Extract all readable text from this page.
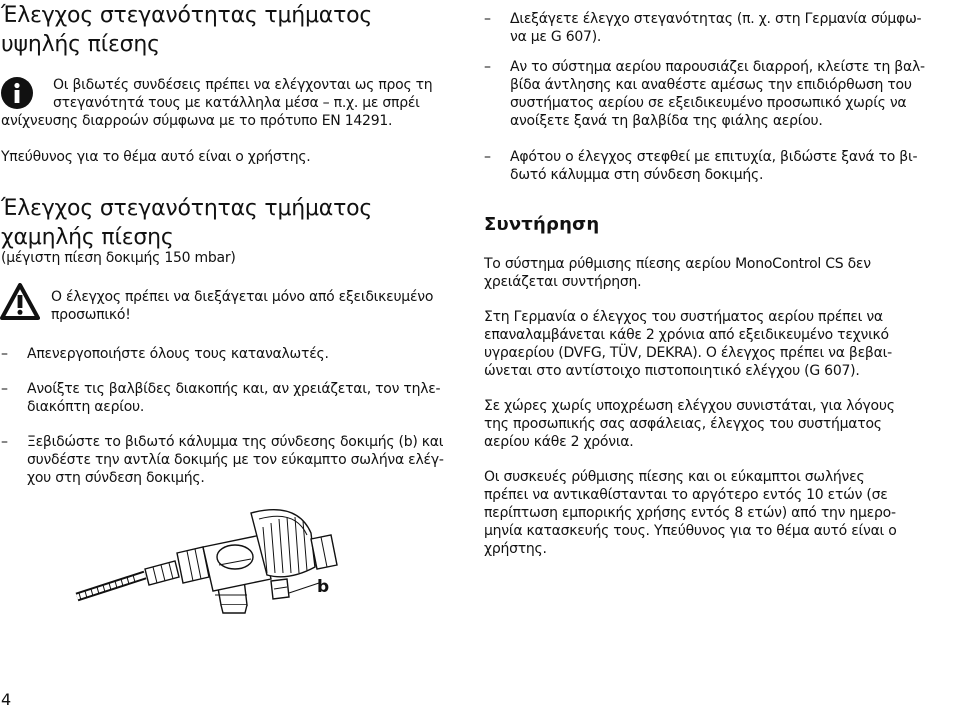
Έλεγχος στεγανότητας τμήματος
υψηλής πίεσης

Οι βιδωτές συνδέσεις πρέπει να ελέγχονται ως προς τη

στεγανότητά τους με κατάλληλα μέσα – π.χ. με σπρέι

ανίχνευσης διαρροών σύμφωνα με το πρότυπο EN 14291.

Υπεύθυνος για το θέμα αυτό είναι ο χρήστης.

Έλεγχος στεγανότητας τμήματος
χαμηλής πίεσης

(μέγιστη πίεση δοκιμής 150 mbar)

Ο έλεγχος πρέπει να διεξάγεται μόνο από εξειδικευμένο

προσωπικό!

– Απενεργοποιήστε όλους τους καταναλωτές.
– Ανοίξτε τις βαλβίδες διακοπής και, αν χρειάζεται, τον τηλε-
διακόπτη αερίου.
– Ξεβιδώστε το βιδωτό κάλυμμα της σύνδεσης δοκιμής (b) και
συνδέστε την αντλία δοκιμής με τον εύκαμπτο σωλήνα ελέγ-
χου στη σύνδεση δοκιμής.
b

4

– Διεξάγετε έλεγχο στεγανότητας (π. χ. στη Γερμανία σύμφω-
να με G 607).
– Αν το σύστημα αερίου παρουσιάζει διαρροή, κλείστε τη βαλ-
βίδα άντλησης και αναθέστε αμέσως την επιδιόρθωση του
συστήματος αερίου σε εξειδικευμένο προσωπικό χωρίς να
ανοίξετε ξανά τη βαλβίδα της φιάλης αερίου.
– Αφότου ο έλεγχος στεφθεί με επιτυχία, βιδώστε ξανά το βι-
δωτό κάλυμμα στη σύνδεση δοκιμής.
Συντήρηση

Το σύστημα ρύθμισης πίεσης αερίου MonoControl CS δεν

χρειάζεται συντήρηση.

Στη Γερμανία ο έλεγχος του συστήματος αερίου πρέπει να

επαναλαμβάνεται κάθε 2 χρόνια από εξειδικευμένο τεχνικό

υγραερίου (DVFG, TÜV, DEKRA). Ο έλεγχος πρέπει να βεβαι-

ώνεται στο αντίστοιχο πιστοποιητικό ελέγχου (G 607).

Σε χώρες χωρίς υποχρέωση ελέγχου συνιστάται, για λόγους

της προσωπικής σας ασφάλειας, έλεγχος του συστήματος

αερίου κάθε 2 χρόνια.

Οι συσκευές ρύθμισης πίεσης και οι εύκαμπτοι σωλήνες

πρέπει να αντικαθίστανται το αργότερο εντός 10 ετών (σε

περίπτωση εμπορικής χρήσης εντός 8 ετών) από την ημερο-

μηνία κατασκευής τους. Υπεύθυνος για το θέμα αυτό είναι ο

χρήστης.
